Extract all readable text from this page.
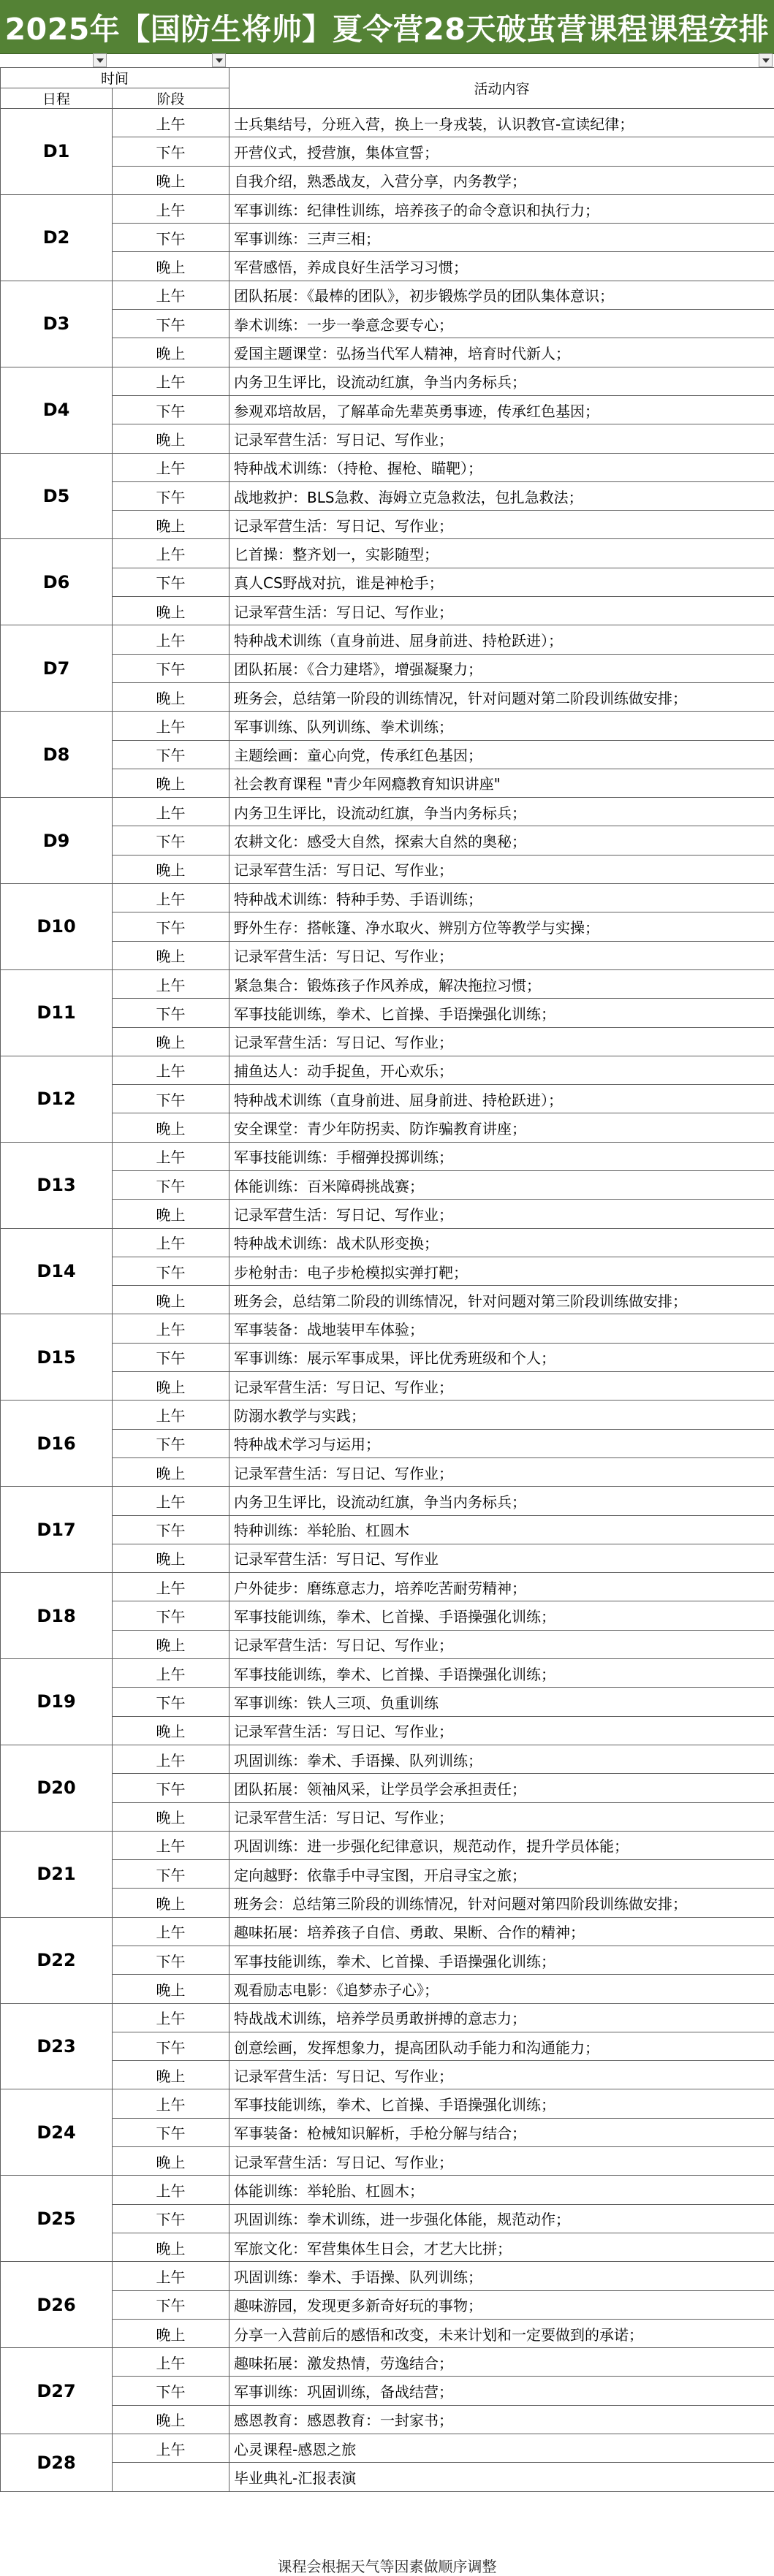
2025年【国防生将帅】夏令营28天破茧营课程课程安排
时间		活动内容
日程	阶段	
D1	上午	士兵集结号，分班入营，换上一身戎装，认识教官-宣读纪律；
	下午	开营仪式，授营旗，集体宣誓；
	晚上	自我介绍，熟悉战友，入营分享，内务教学；
D2	上午	军事训练：纪律性训练，培养孩子的命令意识和执行力；
	下午	军事训练：三声三相；
	晚上	军营感悟，养成良好生活学习习惯；
D3	上午	团队拓展：《最棒的团队》，初步锻炼学员的团队集体意识；
	下午	拳术训练：一步一拳意念要专心；
	晚上	爱国主题课堂：弘扬当代军人精神，培育时代新人；
D4	上午	内务卫生评比，设流动红旗，争当内务标兵；
	下午	参观邓培故居，了解革命先辈英勇事迹，传承红色基因；
	晚上	记录军营生活：写日记、写作业；
D5	上午	特种战术训练：（持枪、握枪、瞄靶）；
	下午	战地救护：BLS急救、海姆立克急救法，包扎急救法；
	晚上	记录军营生活：写日记、写作业；
D6	上午	匕首操：整齐划一，实影随型；
	下午	真人CS野战对抗，谁是神枪手；
	晚上	记录军营生活：写日记、写作业；
D7	上午	特种战术训练（直身前进、屈身前进、持枪跃进）；
	下午	团队拓展：《合力建塔》，增强凝聚力；
	晚上	班务会，总结第一阶段的训练情况，针对问题对第二阶段训练做安排；
D8	上午	军事训练、队列训练、拳术训练；
	下午	主题绘画：童心向党，传承红色基因；
	晚上	社会教育课程 "青少年网瘾教育知识讲座"
D9	上午	内务卫生评比，设流动红旗，争当内务标兵；
	下午	农耕文化：感受大自然，探索大自然的奥秘；
	晚上	记录军营生活：写日记、写作业；
D10	上午	特种战术训练：特种手势、手语训练；
	下午	野外生存：搭帐篷、净水取火、辨别方位等教学与实操；
	晚上	记录军营生活：写日记、写作业；
D11	上午	紧急集合：锻炼孩子作风养成，解决拖拉习惯；
	下午	军事技能训练，拳术、匕首操、手语操强化训练；
	晚上	记录军营生活：写日记、写作业；
D12	上午	捕鱼达人：动手捉鱼，开心欢乐；
	下午	特种战术训练（直身前进、屈身前进、持枪跃进）；
	晚上	安全课堂：青少年防拐卖、防诈骗教育讲座；
D13	上午	军事技能训练：手榴弹投掷训练；
	下午	体能训练：百米障碍挑战赛；
	晚上	记录军营生活：写日记、写作业；
D14	上午	特种战术训练：战术队形变换；
	下午	步枪射击：电子步枪模拟实弹打靶；
	晚上	班务会，总结第二阶段的训练情况，针对问题对第三阶段训练做安排；
D15	上午	军事装备：战地装甲车体验；
	下午	军事训练：展示军事成果，评比优秀班级和个人；
	晚上	记录军营生活：写日记、写作业；
D16	上午	防溺水教学与实践；
	下午	特种战术学习与运用；
	晚上	记录军营生活：写日记、写作业；
D17	上午	内务卫生评比，设流动红旗，争当内务标兵；
	下午	特种训练：举轮胎、杠圆木
	晚上	记录军营生活：写日记、写作业
D18	上午	户外徒步：磨练意志力，培养吃苦耐劳精神；
	下午	军事技能训练，拳术、匕首操、手语操强化训练；
	晚上	记录军营生活：写日记、写作业；
D19	上午	军事技能训练，拳术、匕首操、手语操强化训练；
	下午	军事训练：铁人三项、负重训练
	晚上	记录军营生活：写日记、写作业；
D20	上午	巩固训练：拳术、手语操、队列训练；
	下午	团队拓展：领袖风采，让学员学会承担责任；
	晚上	记录军营生活：写日记、写作业；
D21	上午	巩固训练：进一步强化纪律意识，规范动作，提升学员体能；
	下午	定向越野：依靠手中寻宝图，开启寻宝之旅；
	晚上	班务会：总结第三阶段的训练情况，针对问题对第四阶段训练做安排；
D22	上午	趣味拓展：培养孩子自信、勇敢、果断、合作的精神；
	下午	军事技能训练，拳术、匕首操、手语操强化训练；
	晚上	观看励志电影：《追梦赤子心》；
D23	上午	特战战术训练，培养学员勇敢拼搏的意志力；
	下午	创意绘画，发挥想象力，提高团队动手能力和沟通能力；
	晚上	记录军营生活：写日记、写作业；
D24	上午	军事技能训练，拳术、匕首操、手语操强化训练；
	下午	军事装备：枪械知识解析，手枪分解与结合；
	晚上	记录军营生活：写日记、写作业；
D25	上午	体能训练：举轮胎、杠圆木；
	下午	巩固训练：拳术训练，进一步强化体能，规范动作；
	晚上	军旅文化：军营集体生日会，才艺大比拼；
D26	上午	巩固训练：拳术、手语操、队列训练；
	下午	趣味游园，发现更多新奇好玩的事物；
	晚上	分享一入营前后的感悟和改变，未来计划和一定要做到的承诺；
D27	上午	趣味拓展：激发热情，劳逸结合；
	下午	军事训练：巩固训练，备战结营；
	晚上	感恩教育：感恩教育：一封家书；
D28	上午	心灵课程-感恩之旅
		毕业典礼-汇报表演
课程会根据天气等因素做顺序调整
